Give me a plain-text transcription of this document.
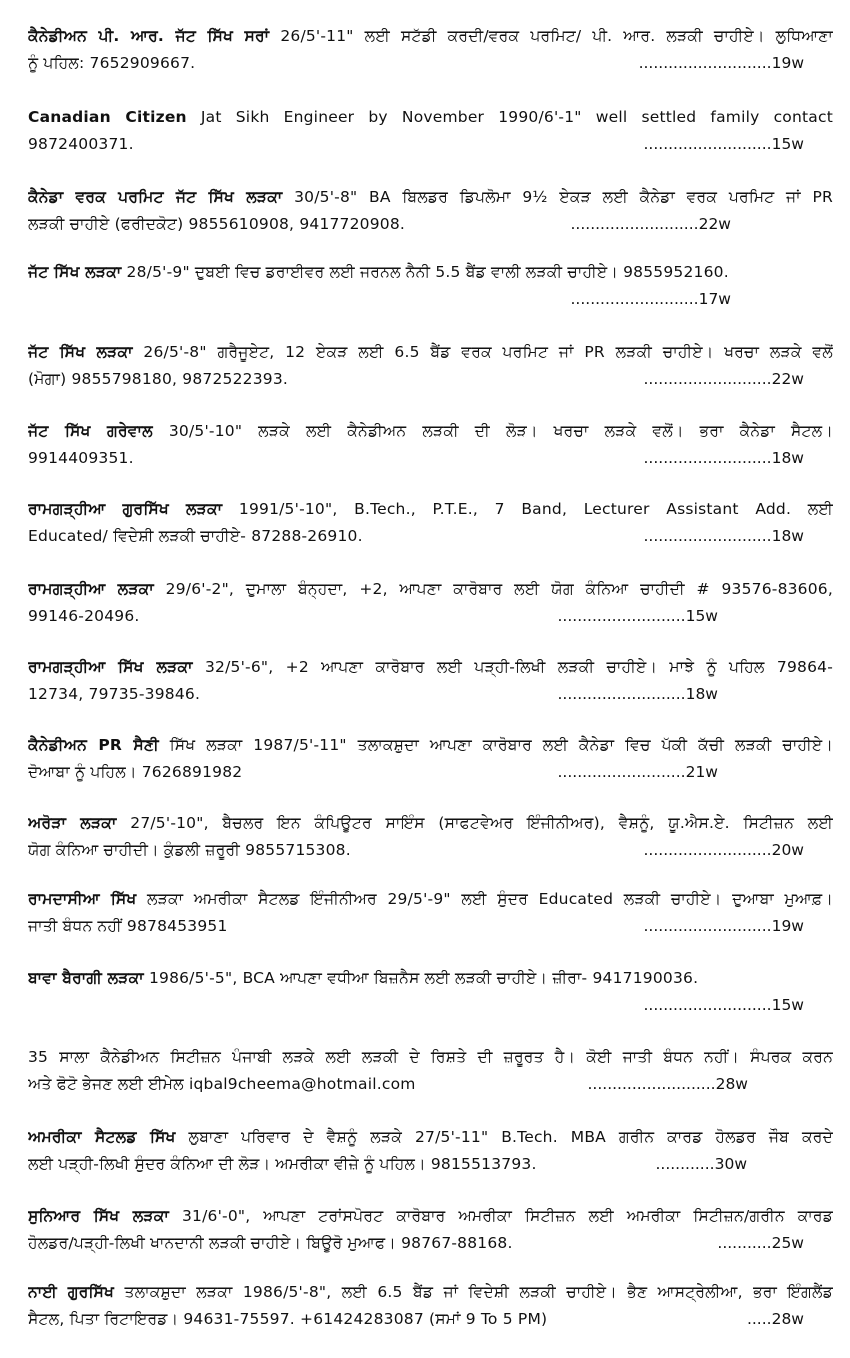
ਕੈਨੇਡੀਅਨ ਪੀ. ਆਰ. ਜੱਟ ਸਿੱਖ ਸਰਾਂ 26/5'-11" ਲਈ ਸਟੱਡੀ ਕਰਦੀ/ਵਰਕ ਪਰਮਿਟ/ ਪੀ. ਆਰ. ਲੜਕੀ ਚਾਹੀਏ। ਲੁਧਿਆਣਾ
ਨੂੰ ਪਹਿਲ: 7652909667.	...........................19w
Canadian Citizen Jat Sikh Engineer by November 1990/6'-1" well settled family contact
9872400371.	..........................15w
ਕੈਨੇਡਾ ਵਰਕ ਪਰਮਿਟ ਜੱਟ ਸਿੱਖ ਲੜਕਾ 30/5'-8" BA ਬਿਲਡਰ ਡਿਪਲੋਮਾ 9½ ਏਕੜ ਲਈ ਕੈਨੇਡਾ ਵਰਕ ਪਰਮਿਟ ਜਾਂ PR
ਲੜਕੀ ਚਾਹੀਏ (ਫਰੀਦਕੋਟ) 9855610908, 9417720908.	..........................22w
ਜੱਟ ਸਿੱਖ ਲੜਕਾ 28/5'-9" ਦੁਬਈ ਵਿਚ ਡਰਾਈਵਰ ਲਈ ਜਰਨਲ ਨੈਨੀ 5.5 ਬੈਂਡ ਵਾਲੀ ਲੜਕੀ ਚਾਹੀਏ। 9855952160.
..........................17w
ਜੱਟ ਸਿੱਖ ਲੜਕਾ 26/5'-8" ਗਰੈਜੂਏਟ, 12 ਏਕੜ ਲਈ 6.5 ਬੈਂਡ ਵਰਕ ਪਰਮਿਟ ਜਾਂ PR ਲੜਕੀ ਚਾਹੀਏ। ਖਰਚਾ ਲੜਕੇ ਵਲੋਂ
(ਮੋਗਾ) 9855798180, 9872522393.	..........................22w
ਜੱਟ ਸਿੱਖ ਗਰੇਵਾਲ 30/5'-10" ਲੜਕੇ ਲਈ ਕੈਨੇਡੀਅਨ ਲੜਕੀ ਦੀ ਲੋੜ। ਖਰਚਾ ਲੜਕੇ ਵਲੋਂ। ਭਰਾ ਕੈਨੇਡਾ ਸੈਟਲ।
9914409351.	..........................18w
ਰਾਮਗੜ੍ਹੀਆ ਗੁਰਸਿੱਖ ਲੜਕਾ 1991/5'-10", B.Tech., P.T.E., 7 Band, Lecturer Assistant Add. ਲਈ
Educated/ ਵਿਦੇਸ਼ੀ ਲੜਕੀ ਚਾਹੀਏ- 87288-26910.	..........................18w
ਰਾਮਗੜ੍ਹੀਆ ਲੜਕਾ 29/6'-2", ਦੁਮਾਲਾ ਬੰਨ੍ਹਦਾ, +2, ਆਪਣਾ ਕਾਰੋਬਾਰ ਲਈ ਯੋਗ ਕੰਨਿਆ ਚਾਹੀਦੀ # 93576-83606,
99146-20496.	..........................15w
ਰਾਮਗੜ੍ਹੀਆ ਸਿੱਖ ਲੜਕਾ 32/5'-6", +2 ਆਪਣਾ ਕਾਰੋਬਾਰ ਲਈ ਪੜ੍ਹੀ-ਲਿਖੀ ਲੜਕੀ ਚਾਹੀਏ। ਮਾਝੇ ਨੂੰ ਪਹਿਲ 79864-
12734, 79735-39846.	..........................18w
ਕੈਨੇਡੀਅਨ PR ਸੈਣੀ ਸਿੱਖ ਲੜਕਾ 1987/5'-11" ਤਲਾਕਸ਼ੁਦਾ ਆਪਣਾ ਕਾਰੋਬਾਰ ਲਈ ਕੈਨੇਡਾ ਵਿਚ ਪੱਕੀ ਕੱਚੀ ਲੜਕੀ ਚਾਹੀਏ।
ਦੋਆਬਾ ਨੂੰ ਪਹਿਲ। 7626891982	..........................21w
ਅਰੋੜਾ ਲੜਕਾ 27/5'-10", ਬੈਚਲਰ ਇਨ ਕੰਪਿਊਟਰ ਸਾਇੰਸ (ਸਾਫਟਵੇਅਰ ਇੰਜੀਨੀਅਰ), ਵੈਸ਼ਨੂੰ, ਯੂ.ਐਸ.ਏ. ਸਿਟੀਜ਼ਨ ਲਈ
ਯੋਗ ਕੰਨਿਆ ਚਾਹੀਦੀ। ਕੁੰਡਲੀ ਜ਼ਰੂਰੀ 9855715308.	..........................20w
ਰਾਮਦਾਸੀਆ ਸਿੱਖ ਲੜਕਾ ਅਮਰੀਕਾ ਸੈਟਲਡ ਇੰਜੀਨੀਅਰ 29/5'-9" ਲਈ ਸੁੰਦਰ Educated ਲੜਕੀ ਚਾਹੀਏ। ਦੁਆਬਾ ਮੁਆਫ਼।
ਜਾਤੀ ਬੰਧਨ ਨਹੀਂ 9878453951	..........................19w
ਬਾਵਾ ਬੈਰਾਗੀ ਲੜਕਾ 1986/5'-5", BCA ਆਪਣਾ ਵਧੀਆ ਬਿਜ਼ਨੈਸ ਲਈ ਲੜਕੀ ਚਾਹੀਏ। ਜ਼ੀਰਾ- 9417190036.
..........................15w
35 ਸਾਲਾ ਕੈਨੇਡੀਅਨ ਸਿਟੀਜ਼ਨ ਪੰਜਾਬੀ ਲੜਕੇ ਲਈ ਲੜਕੀ ਦੇ ਰਿਸ਼ਤੇ ਦੀ ਜ਼ਰੂਰਤ ਹੈ। ਕੋਈ ਜਾਤੀ ਬੰਧਨ ਨਹੀਂ। ਸੰਪਰਕ ਕਰਨ
ਅਤੇ ਫੋਟੋ ਭੇਜਣ ਲਈ ਈਮੇਲ iqbal9cheema@hotmail.com	..........................28w
ਅਮਰੀਕਾ ਸੈਟਲਡ ਸਿੱਖ ਲੁਬਾਣਾ ਪਰਿਵਾਰ ਦੇ ਵੈਸ਼ਨੂੰ ਲੜਕੇ 27/5'-11" B.Tech. MBA ਗਰੀਨ ਕਾਰਡ ਹੋਲਡਰ ਜੌਬ ਕਰਦੇ
ਲਈ ਪੜ੍ਹੀ-ਲਿਖੀ ਸੁੰਦਰ ਕੰਨਿਆ ਦੀ ਲੋੜ। ਅਮਰੀਕਾ ਵੀਜ਼ੇ ਨੂੰ ਪਹਿਲ। 9815513793.	............30w
ਸੁਨਿਆਰ ਸਿੱਖ ਲੜਕਾ 31/6'-0", ਆਪਣਾ ਟਰਾਂਸਪੋਰਟ ਕਾਰੋਬਾਰ ਅਮਰੀਕਾ ਸਿਟੀਜ਼ਨ ਲਈ ਅਮਰੀਕਾ ਸਿਟੀਜ਼ਨ/ਗਰੀਨ ਕਾਰਡ
ਹੋਲਡਰ/ਪੜ੍ਹੀ-ਲਿਖੀ ਖਾਨਦਾਨੀ ਲੜਕੀ ਚਾਹੀਏ। ਬਿਊਰੋ ਮੁਆਫ। 98767-88168.	...........25w
ਨਾਈ ਗੁਰਸਿੱਖ ਤਲਾਕਸ਼ੁਦਾ ਲੜਕਾ 1986/5'-8", ਲਈ 6.5 ਬੈਂਡ ਜਾਂ ਵਿਦੇਸ਼ੀ ਲੜਕੀ ਚਾਹੀਏ। ਭੈਣ ਆਸਟ੍ਰੇਲੀਆ, ਭਰਾ ਇੰਗਲੈਂਡ
ਸੈਟਲ, ਪਿਤਾ ਰਿਟਾਇਰਡ। 94631-75597. +61424283087 (ਸਮਾਂ 9 To 5 PM)	.....28w
